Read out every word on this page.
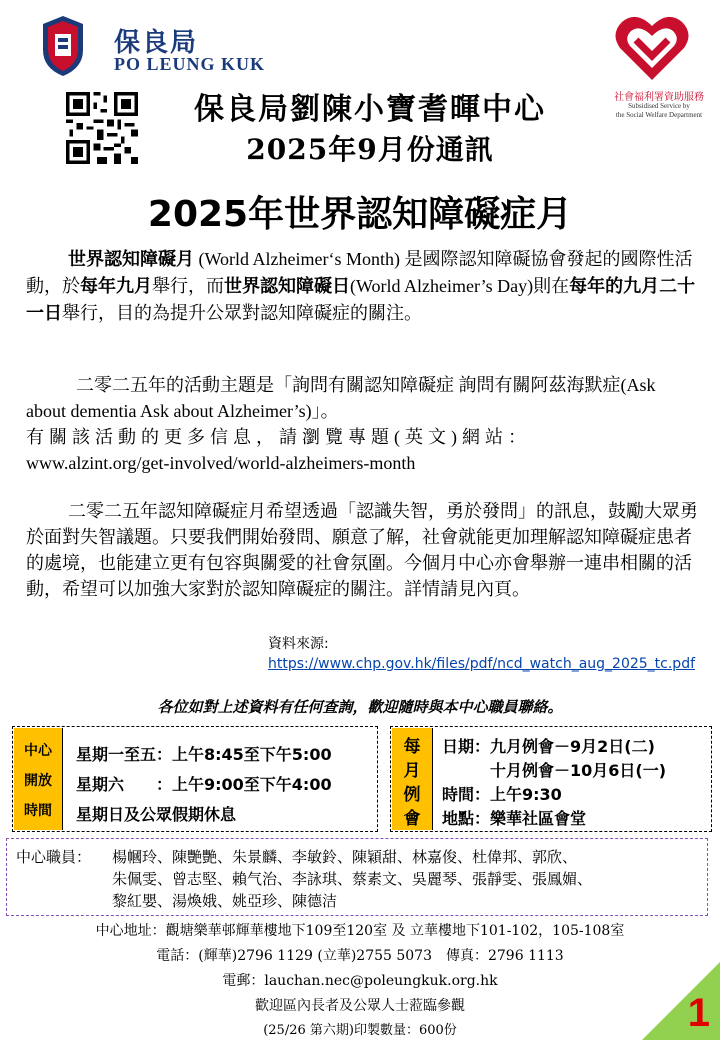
保良局
PO LEUNG KUK
保良局劉陳小寶耆暉中心
2025年9月份通訊
社會福利署資助服務
Subsidised Service by
the Social Welfare Department
2025年世界認知障礙症月
世界認知障礙月 (World Alzheimer‘s Month) 是國際認知障礙協會發起的國際性活動，於每年九月舉行，而世界認知障礙日(World Alzheimer’s Day)則在每年的九月二十一日舉行，目的為提升公眾對認知障礙症的關注。
二零二五年的活動主題是「詢問有關認知障礙症 詢問有關阿茲海默症(Ask about dementia Ask about Alzheimer’s)」。
有關該活動的更多信息，請瀏覽專題(英文)網站：
www.alzint.org/get-involved/world-alzheimers-month
二零二五年認知障礙症月希望透過「認識失智，勇於發問」的訊息，鼓勵大眾勇於面對失智議題。只要我們開始發問、願意了解，社會就能更加理解認知障礙症患者的處境，也能建立更有包容與關愛的社會氛圍。今個月中心亦會舉辦一連串相關的活動，希望可以加強大家對於認知障礙症的關注。詳情請見內頁。
資料來源:
https://www.chp.gov.hk/files/pdf/ncd_watch_aug_2025_tc.pdf
各位如對上述資料有任何查詢，歡迎隨時與本中心職員聯絡。
中心
開放
時間
星期一至五：上午8:45至下午5:00
星期六　　：上午9:00至下午4:00
星期日及公眾假期休息
每
月
例
會
日期：九月例會－9月2日(二)
十月例會－10月6日(一)
時間：上午9:30
地點：樂華社區會堂
中心職員： 楊幗玲、陳艷艷、朱景麟、李敏鈴、陳穎甜、林嘉俊、杜偉邦、郭欣、
朱佩雯、曾志堅、賴气治、李詠琪、蔡素文、吳麗琴、張靜雯、張鳳媚、
黎紅嬰、湯煥娥、姚亞珍、陳德洁
中心地址：觀塘樂華邨輝華樓地下109至120室 及 立華樓地下101-102，105-108室
電話：(輝華)2796 1129 (立華)2755 5073　傳真：2796 1113
電郵：lauchan.nec@poleungkuk.org.hk
歡迎區內長者及公眾人士蒞臨參觀
(25/26 第六期)印製數量：600份	1
